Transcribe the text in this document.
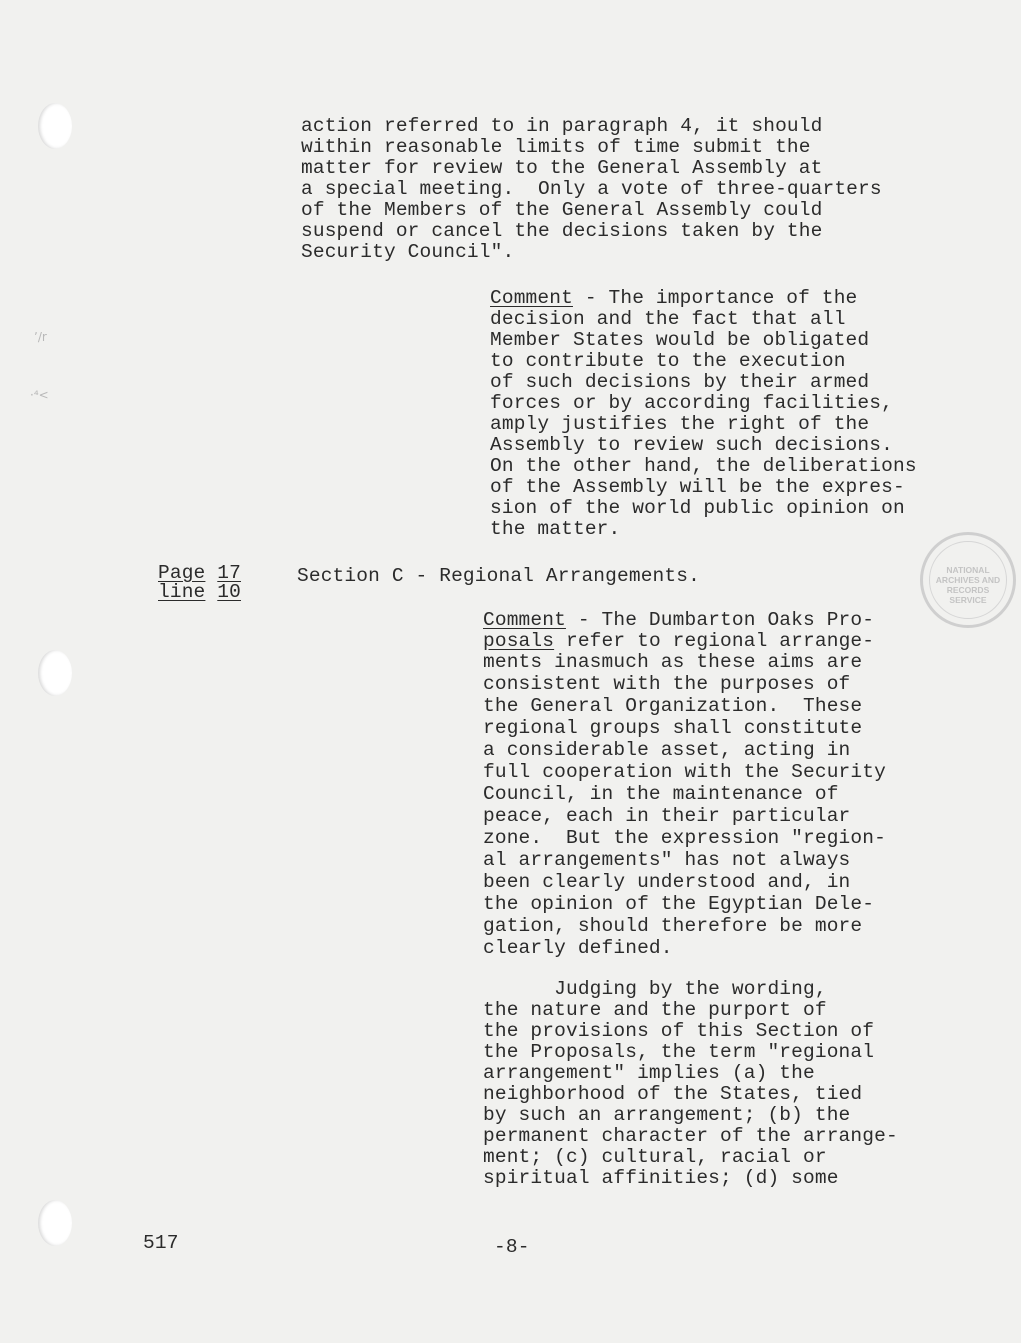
ʼ/r
·⁴<
action referred to in paragraph 4, it should
within reasonable limits of time submit the
matter for review to the General Assembly at
a special meeting.  Only a vote of three-quarters
of the Members of the General Assembly could
suspend or cancel the decisions taken by the
Security Council".
Comment - The importance of the
decision and the fact that all
Member States would be obligated
to contribute to the execution
of such decisions by their armed
forces or by according facilities,
amply justifies the right of the
Assembly to review such decisions.
On the other hand, the deliberations
of the Assembly will be the expres-
sion of the world public opinion on
the matter.
Page 17
line 10
Section C - Regional Arrangements.
Comment - The Dumbarton Oaks Pro-
posals refer to regional arrange-
ments inasmuch as these aims are
consistent with the purposes of
the General Organization.  These
regional groups shall constitute
a considerable asset, acting in
full cooperation with the Security
Council, in the maintenance of
peace, each in their particular
zone.  But the expression "region-
al arrangements" has not always
been clearly understood and, in
the opinion of the Egyptian Dele-
gation, should therefore be more
clearly defined.
Judging by the wording,
the nature and the purport of
the provisions of this Section of
the Proposals, the term "regional
arrangement" implies (a) the
neighborhood of the States, tied
by such an arrangement; (b) the
permanent character of the arrange-
ment; (c) cultural, racial or
spiritual affinities; (d) some
NATIONAL
ARCHIVES AND
RECORDS
SERVICE
517	-8-
